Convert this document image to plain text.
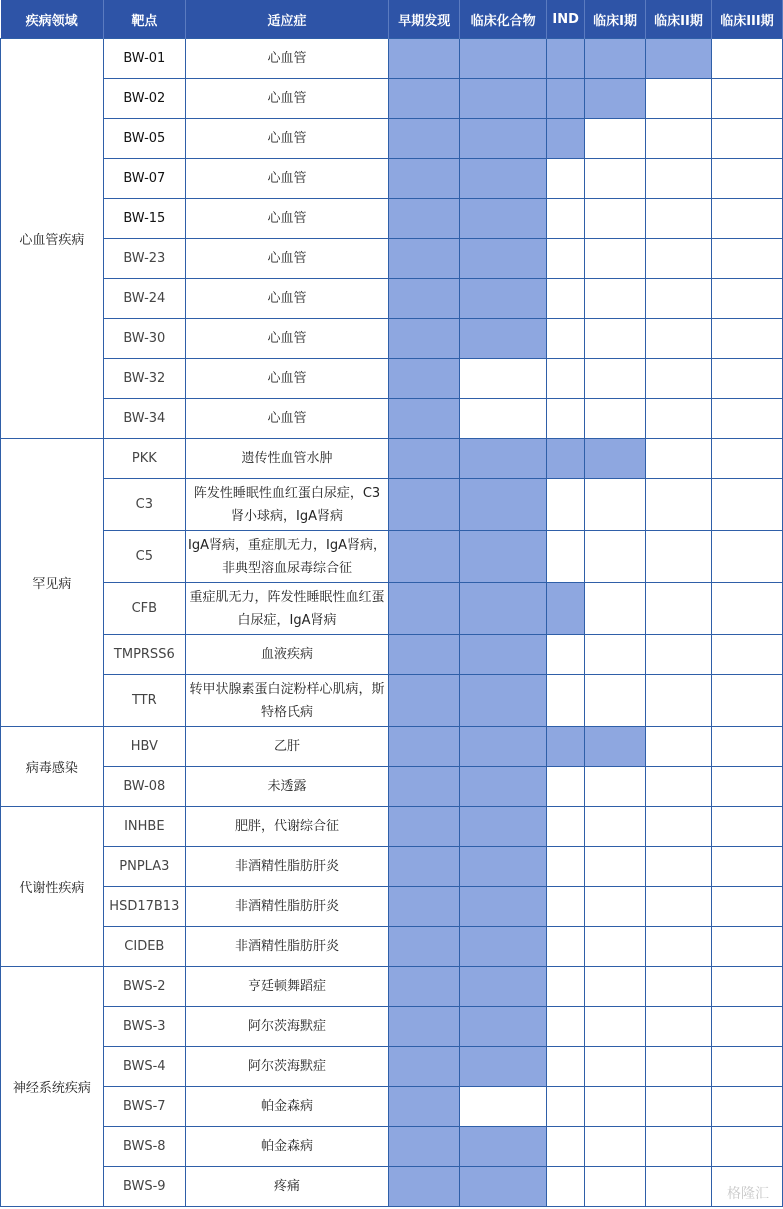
疾病领域	靶点	适应症	早期发现	临床化合物	IND	临床I期	临床II期	临床III期
心血管疾病	BW-01	心血管						
	BW-02	心血管						
	BW-05	心血管						
	BW-07	心血管						
	BW-15	心血管						
	BW-23	心血管						
	BW-24	心血管						
	BW-30	心血管						
	BW-32	心血管						
	BW-34	心血管						
罕见病	PKK	遗传性血管水肿						
	C3	阵发性睡眠性血红蛋白尿症，C3肾小球病，IgA肾病						
	C5	IgA肾病，重症肌无力，IgA肾病，非典型溶血尿毒综合征						
	CFB	重症肌无力，阵发性睡眠性血红蛋白尿症，IgA肾病						
	TMPRSS6	血液疾病						
	TTR	转甲状腺素蛋白淀粉样心肌病，斯特格氏病						
病毒感染	HBV	乙肝						
	BW-08	未透露						
代谢性疾病	INHBE	肥胖，代谢综合征						
	PNPLA3	非酒精性脂肪肝炎						
	HSD17B13	非酒精性脂肪肝炎						
	CIDEB	非酒精性脂肪肝炎						
神经系统疾病	BWS-2	亨廷顿舞蹈症						
	BWS-3	阿尔茨海默症						
	BWS-4	阿尔茨海默症						
	BWS-7	帕金森病						
	BWS-8	帕金森病						
	BWS-9	疼痛							格隆汇
